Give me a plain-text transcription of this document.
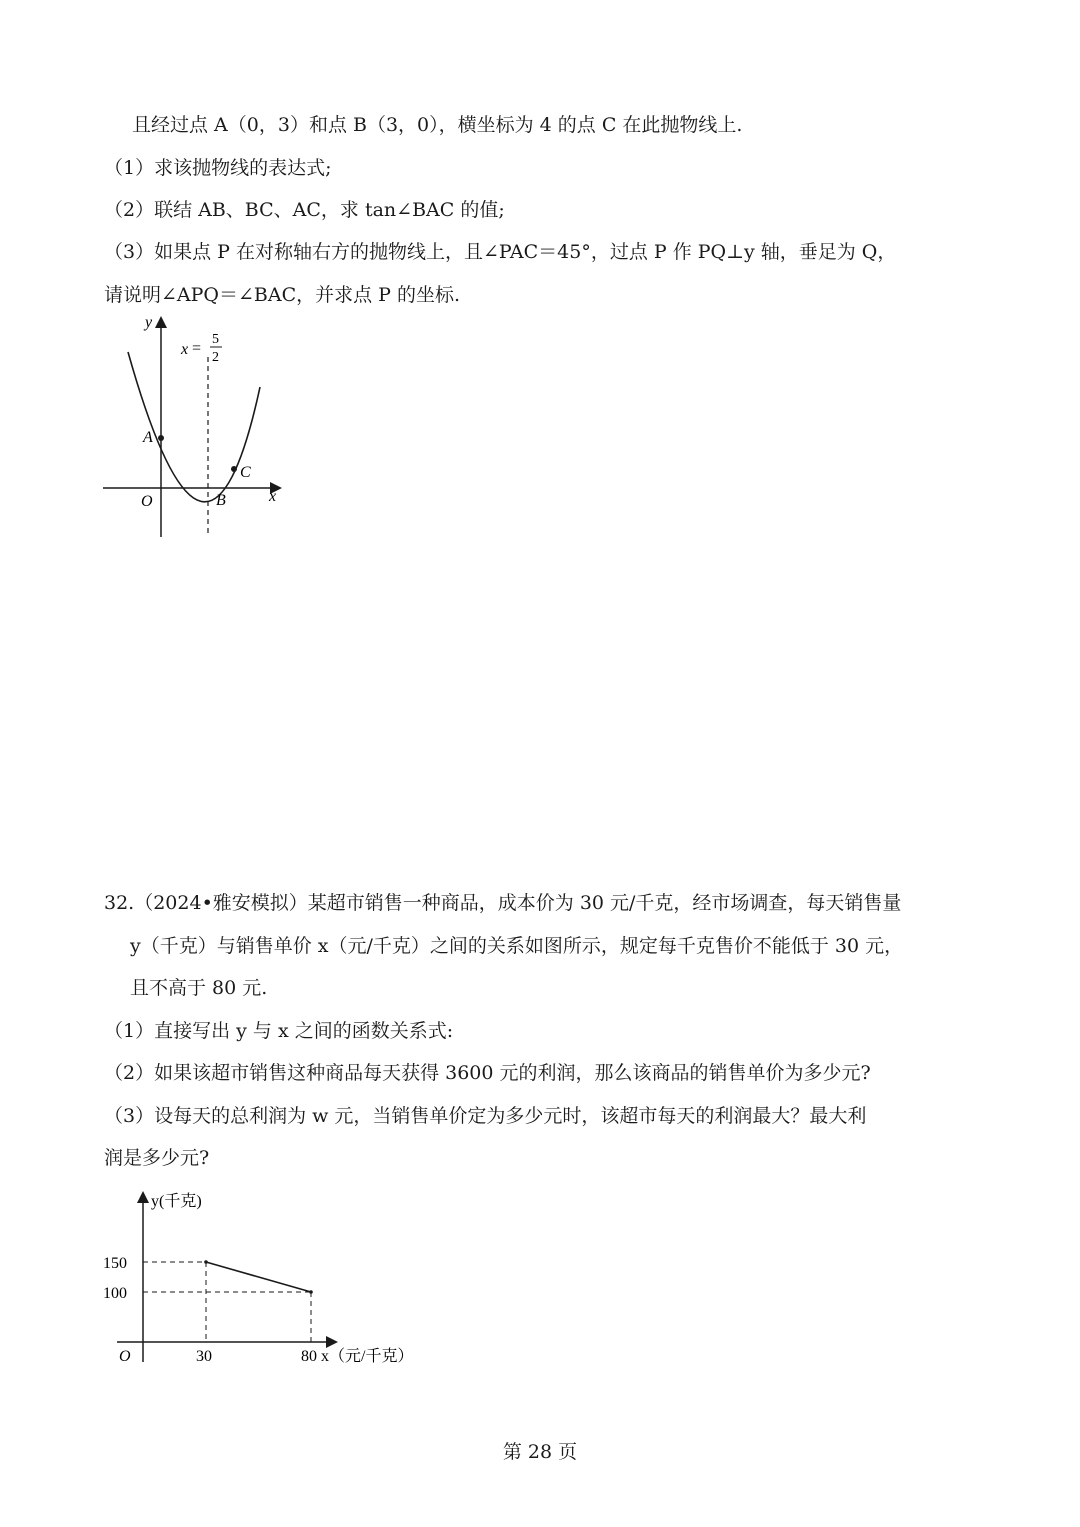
且经过点 A（0，3）和点 B（3，0），横坐标为 4 的点 C 在此抛物线上.
（1）求该抛物线的表达式;
（2）联结 AB、BC、AC，求 tan∠BAC 的值;
（3）如果点 P 在对称轴右方的抛物线上，且∠PAC＝45°，过点 P 作 PQ⊥y 轴，垂足为 Q，
请说明∠APQ＝∠BAC，并求点 P 的坐标.
y
x
O
A
B
C
x =
5
2
32.（2024•雅安模拟）某超市销售一种商品，成本价为 30 元/千克，经市场调查，每天销售量
y（千克）与销售单价 x（元/千克）之间的关系如图所示，规定每千克售价不能低于 30 元，
且不高于 80 元.
（1）直接写出 y 与 x 之间的函数关系式:
（2）如果该超市销售这种商品每天获得 3600 元的利润，那么该商品的销售单价为多少元?
（3）设每天的总利润为 w 元，当销售单价定为多少元时，该超市每天的利润最大？最大利
润是多少元?
y(千克)
x（元/千克）
O	30
150
80
100
第 28 页
